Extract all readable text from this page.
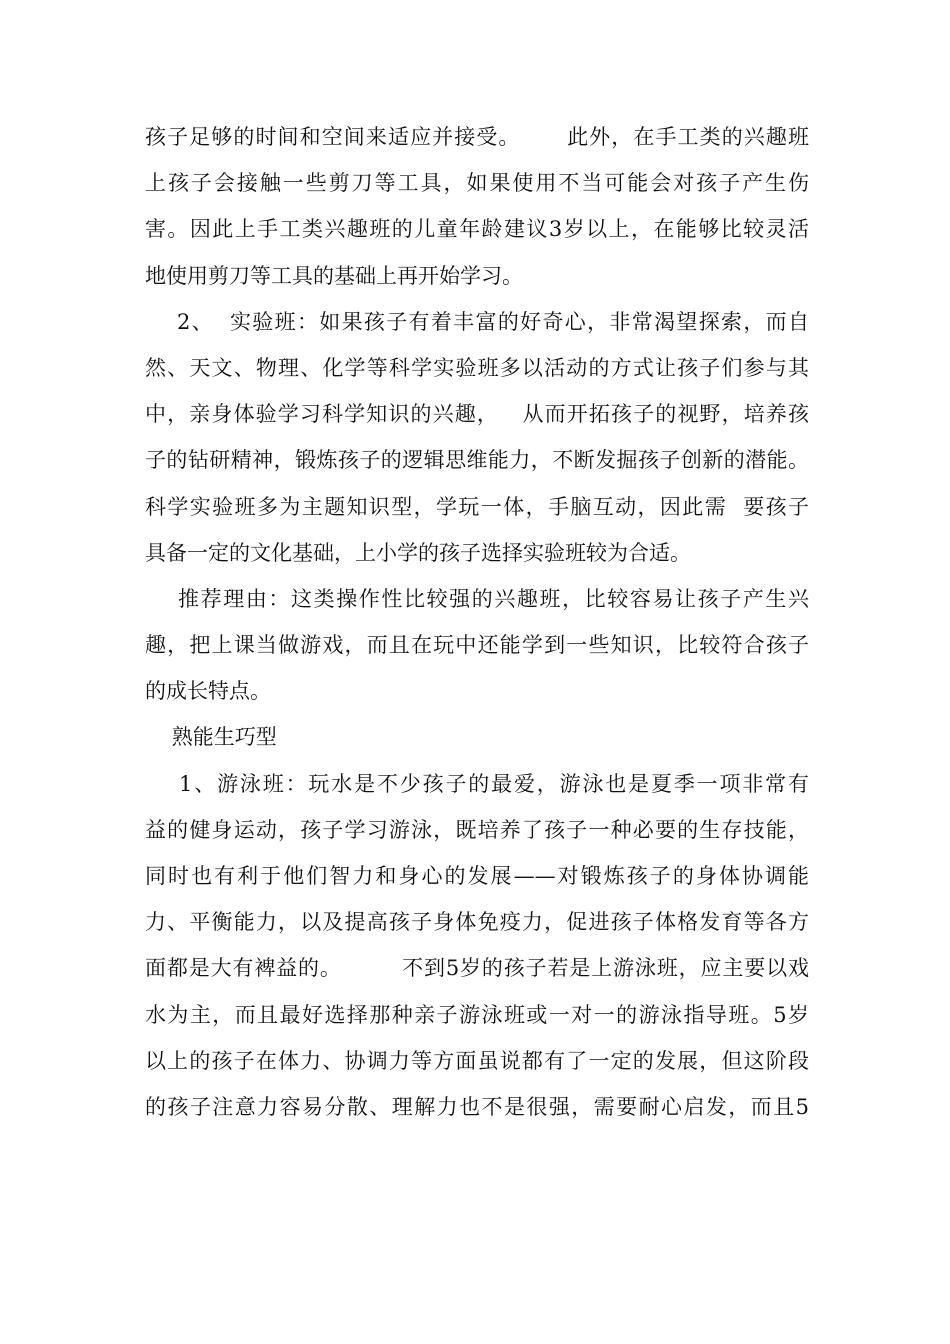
孩子足够的时间和空间来适应并接受。      此外，在手工类的兴趣班
上孩子会接触一些剪刀等工具，如果使用不当可能会对孩子产生伤
害。因此上手工类兴趣班的儿童年龄建议3岁以上，在能够比较灵活
地使用剪刀等工具的基础上再开始学习。
2、  实验班：如果孩子有着丰富的好奇心，非常渴望探索，而自
然、天文、物理、化学等科学实验班多以活动的方式让孩子们参与其
中，亲身体验学习科学知识的兴趣，   从而开拓孩子的视野，培养孩
子的钻研精神，锻炼孩子的逻辑思维能力，不断发掘孩子创新的潜能。
科学实验班多为主题知识型，学玩一体，手脑互动，因此需  要孩子
具备一定的文化基础，上小学的孩子选择实验班较为合适。
推荐理由：这类操作性比较强的兴趣班，比较容易让孩子产生兴
趣，把上课当做游戏，而且在玩中还能学到一些知识，比较符合孩子
的成长特点。
熟能生巧型
1、游泳班：玩水是不少孩子的最爱，游泳也是夏季一项非常有
益的健身运动，孩子学习游泳，既培养了孩子一种必要的生存技能，
同时也有利于他们智力和身心的发展——对锻炼孩子的身体协调能
力、平衡能力，以及提高孩子身体免疫力，促进孩子体格发育等各方
面都是大有裨益的。        不到5岁的孩子若是上游泳班，应主要以戏
水为主，而且最好选择那种亲子游泳班或一对一的游泳指导班。5岁
以上的孩子在体力、协调力等方面虽说都有了一定的发展，但这阶段
的孩子注意力容易分散、理解力也不是很强，需要耐心启发，而且5
